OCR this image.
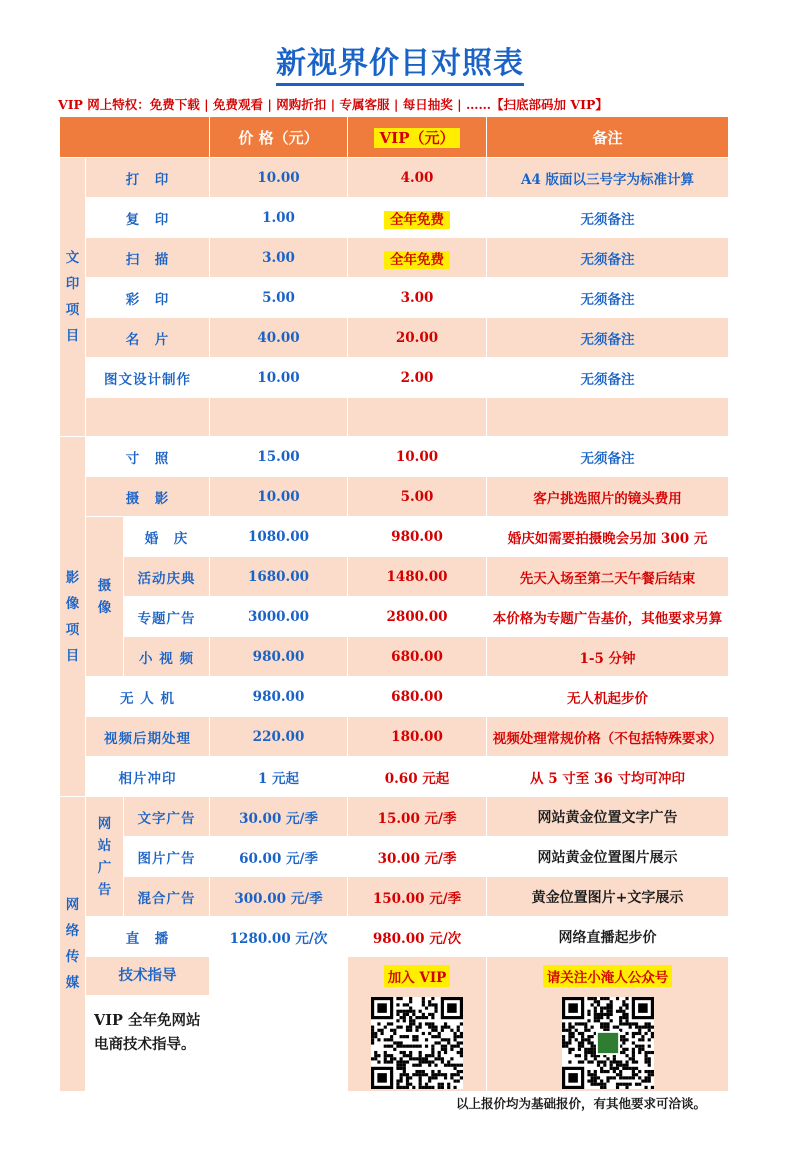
新视界价目对照表
VIP 网上特权：免费下载 | 免费观看 | 网购折扣 | 专属客服 | 每日抽奖 | ……【扫底部码加 VIP】
			价 格（元）	VIP（元）	备注

文印项目	打　印		10.00	4.00	A4 版面以三号字为标准计算
	复　印		1.00	全年免费	无须备注
	扫　描		3.00	全年免费	无须备注
	彩　印		5.00	3.00	无须备注
	名　片		40.00	20.00	无须备注
	图文设计制作		10.00	2.00	无须备注

影像项目	寸　照		15.00	10.00	无须备注
	摄　影		10.00	5.00	客户挑选照片的镜头费用

	摄像	婚　庆	1080.00	980.00	婚庆如需要拍摄晚会另加 300 元
		活动庆典	1680.00	1480.00	先天入场至第二天午餐后结束
		专题广告	3000.00	2800.00	本价格为专题广告基价，其他要求另算
		小 视 频	980.00	680.00	1-5 分钟
	无 人 机		980.00	680.00	无人机起步价
	视频后期处理		220.00	180.00	视频处理常规价格（不包括特殊要求）
	相片冲印		1 元起	0.60 元起	从 5 寸至 36 寸均可冲印

网络传媒	网站广告	文字广告	30.00 元/季	15.00 元/季	网站黄金位置文字广告
		图片广告	60.00 元/季	30.00 元/季	网站黄金位置图片展示
		混合广告	300.00 元/季	150.00 元/季	黄金位置图片+文字展示
	直　播		1280.00 元/次	980.00 元/次	网络直播起步价

	技术指导
VIP 全年免网站电商技术指导。			加入 VIP	请关注小淹人公众号
以上报价均为基础报价，有其他要求可洽谈。
